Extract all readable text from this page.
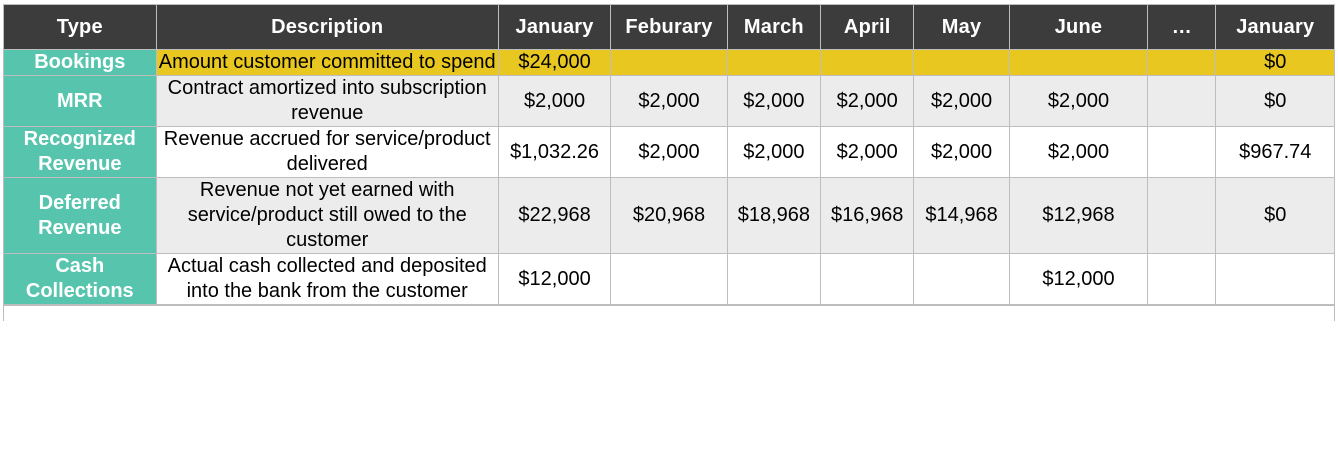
Type	Description	January	Feburary	March	April	May	June	…	January
Bookings	Amount customer committed to spend	$24,000							$0
MRR	Contract amortized into subscription revenue	$2,000	$2,000	$2,000	$2,000	$2,000	$2,000		$0
Recognized Revenue	Revenue accrued for service/product delivered	$1,032.26	$2,000	$2,000	$2,000	$2,000	$2,000		$967.74
Deferred Revenue	Revenue not yet earned with service/product still owed to the customer	$22,968	$20,968	$18,968	$16,968	$14,968	$12,968		$0
Cash Collections	Actual cash collected and deposited into the bank from the customer	$12,000					$12,000		
